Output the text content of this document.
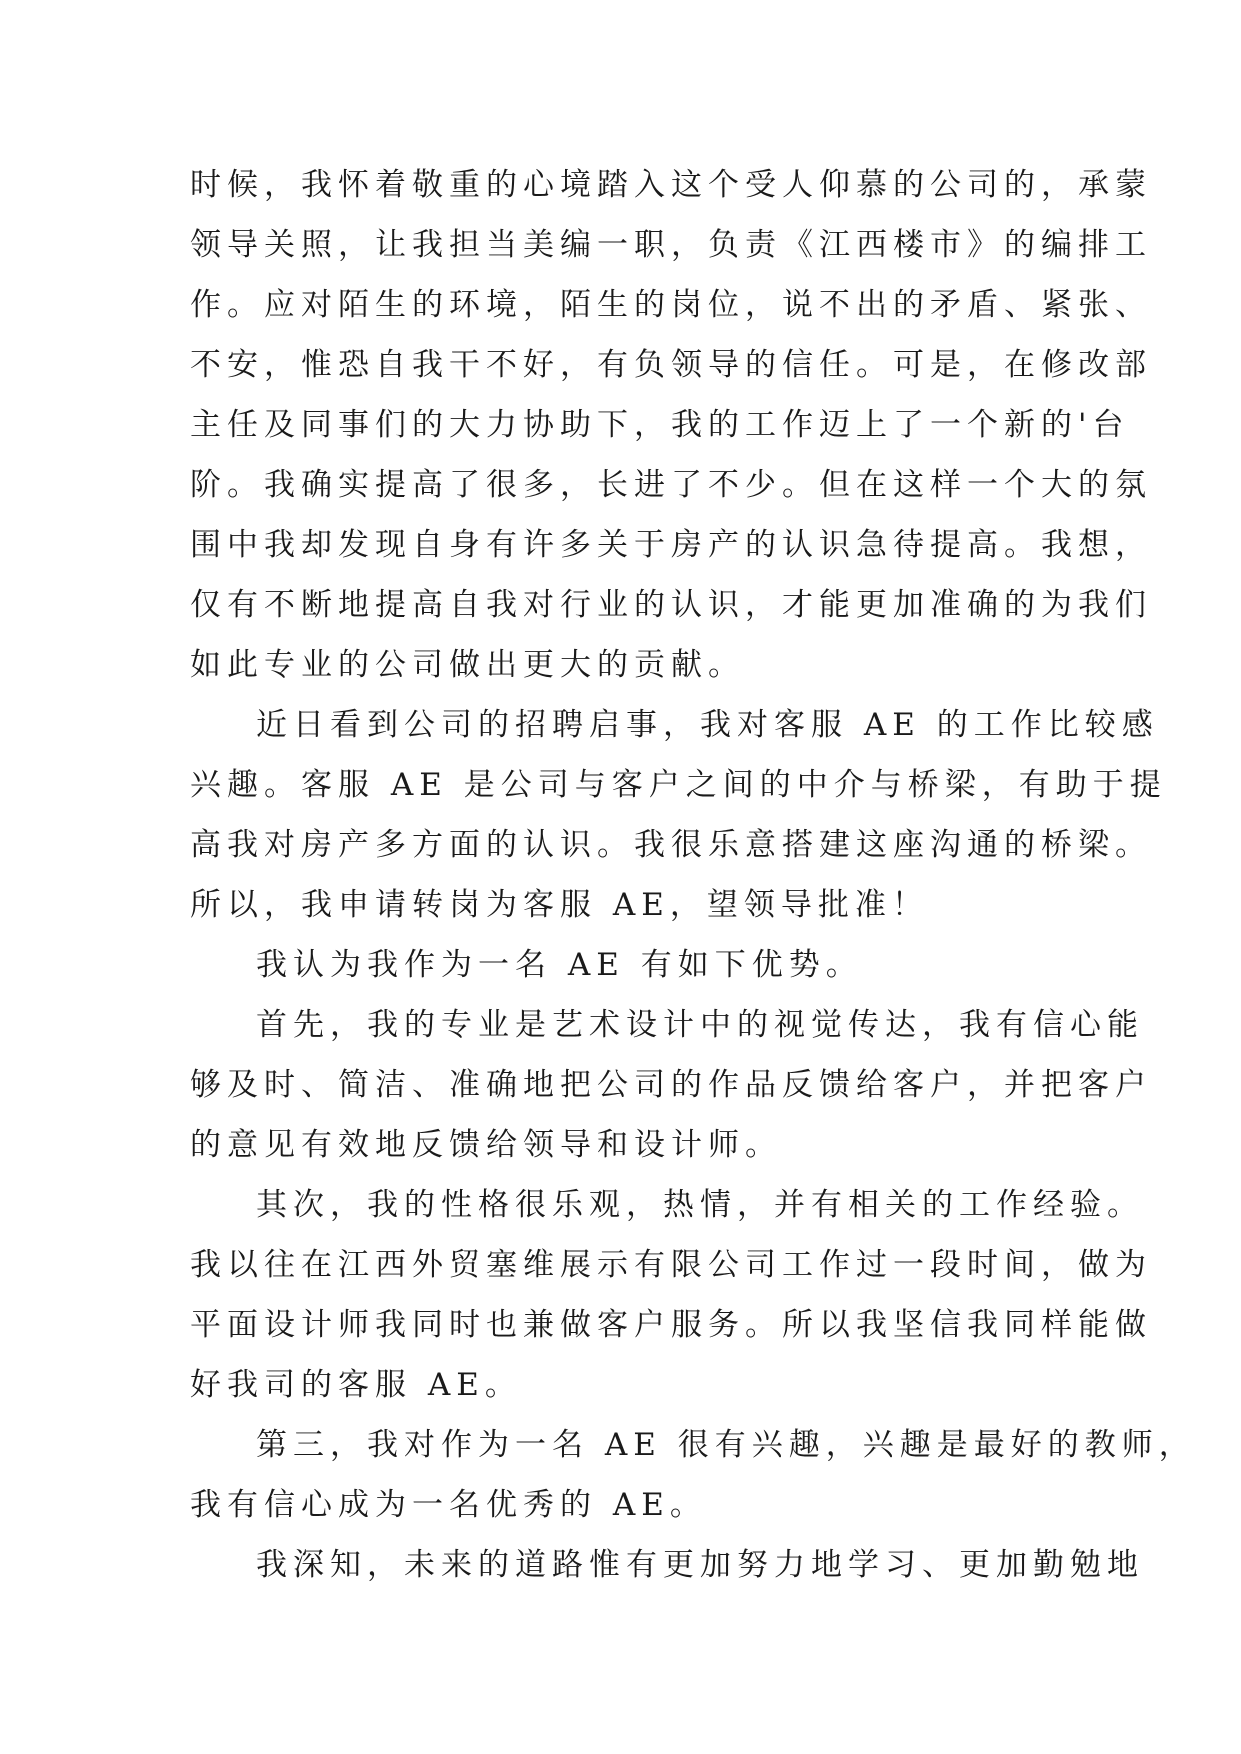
时候，我怀着敬重的心境踏入这个受人仰慕的公司的，承蒙
领导关照，让我担当美编一职，负责《江西楼市》的编排工
作。应对陌生的环境，陌生的岗位，说不出的矛盾、紧张、
不安，惟恐自我干不好，有负领导的信任。可是，在修改部
主任及同事们的大力协助下，我的工作迈上了一个新的'台
阶。我确实提高了很多，长进了不少。但在这样一个大的氛
围中我却发现自身有许多关于房产的认识急待提高。我想，
仅有不断地提高自我对行业的认识，才能更加准确的为我们
如此专业的公司做出更大的贡献。
近日看到公司的招聘启事，我对客服 AE 的工作比较感
兴趣。客服 AE 是公司与客户之间的中介与桥梁，有助于提
高我对房产多方面的认识。我很乐意搭建这座沟通的桥梁。
所以，我申请转岗为客服 AE，望领导批准！
我认为我作为一名 AE 有如下优势。
首先，我的专业是艺术设计中的视觉传达，我有信心能
够及时、简洁、准确地把公司的作品反馈给客户，并把客户
的意见有效地反馈给领导和设计师。
其次，我的性格很乐观，热情，并有相关的工作经验。
我以往在江西外贸塞维展示有限公司工作过一段时间，做为
平面设计师我同时也兼做客户服务。所以我坚信我同样能做
好我司的客服 AE。
第三，我对作为一名 AE 很有兴趣，兴趣是最好的教师，
我有信心成为一名优秀的 AE。
我深知，未来的道路惟有更加努力地学习、更加勤勉地
